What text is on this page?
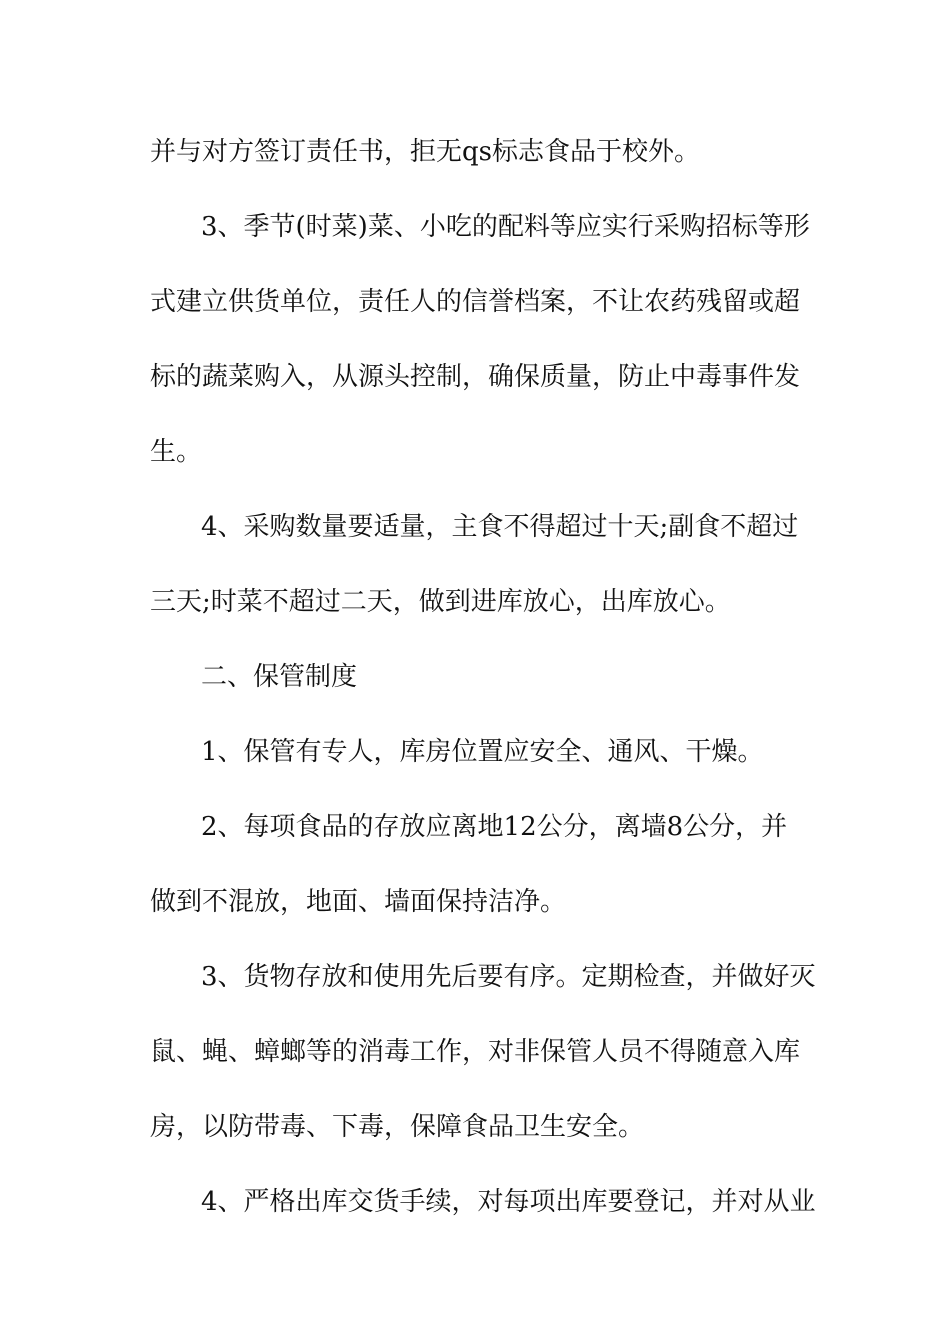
并与对方签订责任书，拒无qs标志食品于校外。
3、季节(时菜)菜、小吃的配料等应实行采购招标等形
式建立供货单位，责任人的信誉档案，不让农药残留或超
标的蔬菜购入，从源头控制，确保质量，防止中毒事件发
生。
4、采购数量要适量，主食不得超过十天;副食不超过
三天;时菜不超过二天，做到进库放心，出库放心。
二、保管制度
1、保管有专人，库房位置应安全、通风、干燥。
2、每项食品的存放应离地12公分，离墙8公分，并
做到不混放，地面、墙面保持洁净。
3、货物存放和使用先后要有序。定期检查，并做好灭
鼠、蝇、蟑螂等的消毒工作，对非保管人员不得随意入库
房，以防带毒、下毒，保障食品卫生安全。
4、严格出库交货手续，对每项出库要登记，并对从业
